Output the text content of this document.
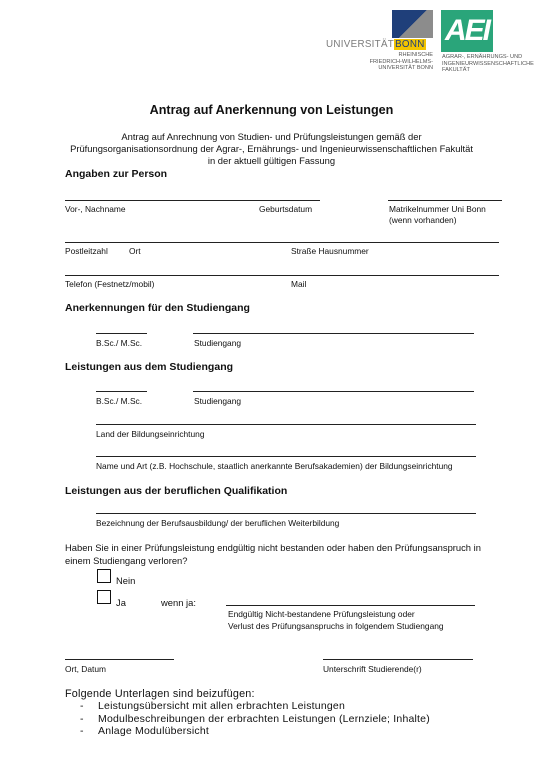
UNIVERSITÄTBONN
RHEINISCHE
FRIEDRICH-WILHELMS-
UNIVERSITÄT BONN
AEI
AGRAR-, ERNÄHRUNGS- UND
INGENIEURWISSENSCHAFTLICHE
FAKULTÄT
Antrag auf Anerkennung von Leistungen
Antrag auf Anrechnung von Studien- und Prüfungsleistungen gemäß der
Prüfungsorganisationsordnung der Agrar-, Ernährungs- und Ingenieurwissenschaftlichen Fakultät
in der aktuell gültigen Fassung
Angaben zur Person
Vor-, Nachname	Geburtsdatum	Matrikelnummer Uni Bonn
(wenn vorhanden)
Postleitzahl	Ort	Straße Hausnummer
Telefon (Festnetz/mobil)	Mail
Anerkennungen für den Studiengang
B.Sc./ M.Sc.	Studiengang
Leistungen aus dem Studiengang
B.Sc./ M.Sc.	Studiengang
Land der Bildungseinrichtung
Name und Art (z.B. Hochschule, staatlich anerkannte Berufsakademien) der Bildungseinrichtung
Leistungen aus der beruflichen Qualifikation
Bezeichnung der Berufsausbildung/ der beruflichen Weiterbildung
Haben Sie in einer Prüfungsleistung endgültig nicht bestanden oder haben den Prüfungsanspruch in
einem Studiengang verloren?
Nein
Ja	wenn ja:
Endgültig Nicht-bestandene Prüfungsleistung oder
Verlust des Prüfungsanspruchs in folgendem Studiengang
Ort, Datum	Unterschrift Studierende(r)
Folgende Unterlagen sind beizufügen:
- Leistungsübersicht mit allen erbrachten Leistungen
- Modulbeschreibungen der erbrachten Leistungen (Lernziele; Inhalte)
- Anlage Modulübersicht
